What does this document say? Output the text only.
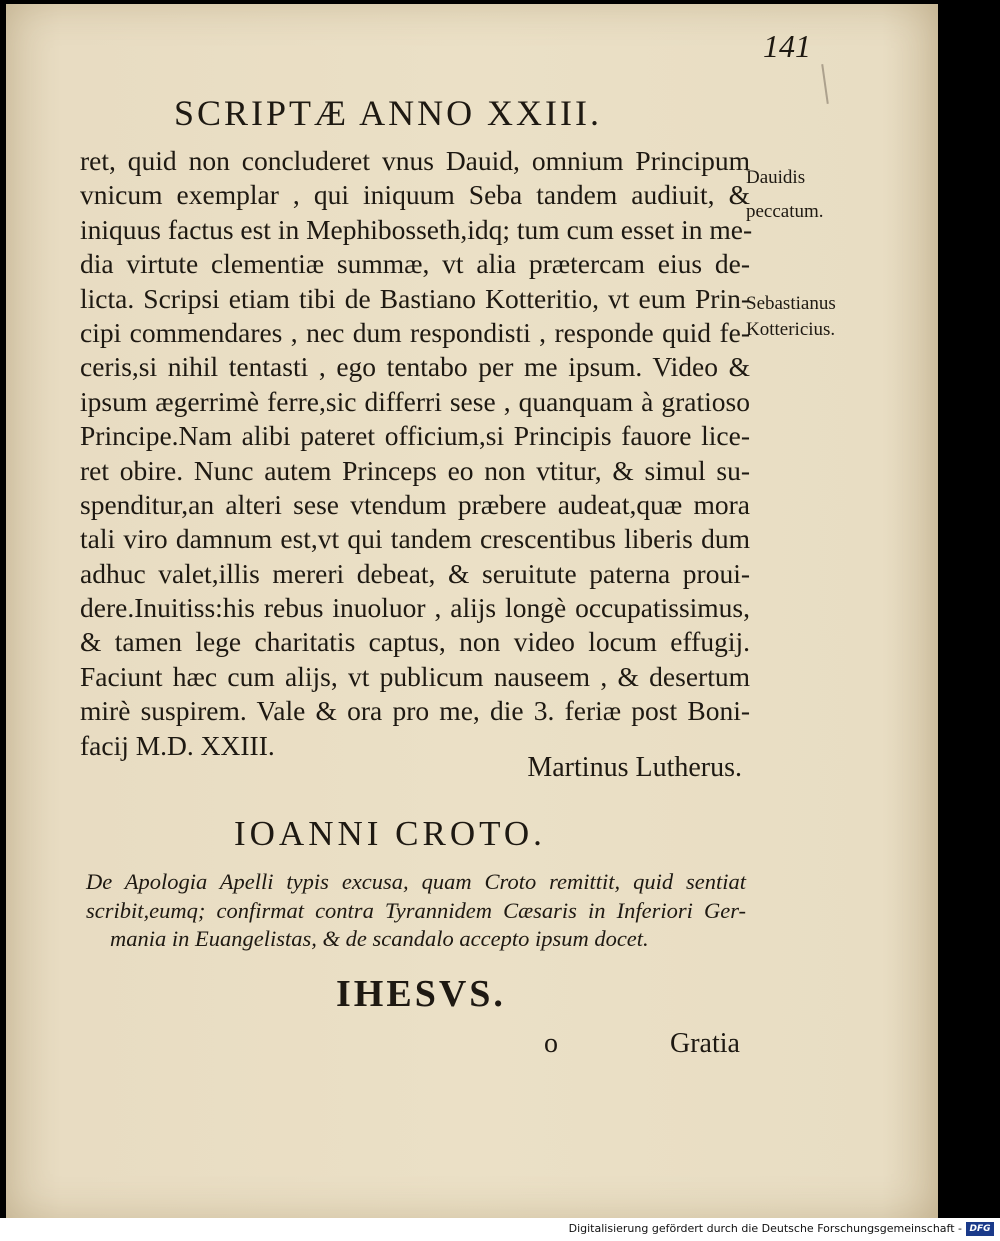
SCRIPTÆ ANNO XXIII.
141
ret, quid non concluderet vnus Dauid, omnium Principum
vnicum exemplar , qui iniquum Seba tandem audiuit, &
iniquus factus est in Mephibosseth,idq; tum cum esset in me-
dia virtute clementiæ summæ, vt alia prætercam eius de-
licta. Scripsi etiam tibi de Bastiano Kotteritio, vt eum Prin-
cipi commendares , nec dum respondisti , responde quid fe-
ceris,si nihil tentasti , ego tentabo per me ipsum. Video &
ipsum ægerrimè ferre,sic differri sese , quanquam à gratioso
Principe.Nam alibi pateret officium,si Principis fauore lice-
ret obire. Nunc autem Princeps eo non vtitur, & simul su-
spenditur,an alteri sese vtendum præbere audeat,quæ mora
tali viro damnum est,vt qui tandem crescentibus liberis dum
adhuc valet,illis mereri debeat, & seruitute paterna proui-
dere.Inuitiss:his rebus inuoluor , alijs longè occupatissimus,
& tamen lege charitatis captus, non video locum effugij.
Faciunt hæc cum alijs, vt publicum nauseem , & desertum
mirè suspirem. Vale & ora pro me, die 3. feriæ post Boni-
facij M.D. XXIII.
Martinus Lutherus.
Dauidis
peccatum.
Sebastianus
Kottericius.
IOANNI CROTO.
De Apologia Apelli typis excusa, quam Croto remittit, quid sentiat
scribit,eumq; confirmat contra Tyrannidem Cæsaris in Inferiori Ger-
mania in Euangelistas, & de scandalo accepto ipsum docet.
IHESVS.
o	Gratia
Digitalisierung gefördert durch die Deutsche Forschungsgemeinschaft - DFG
